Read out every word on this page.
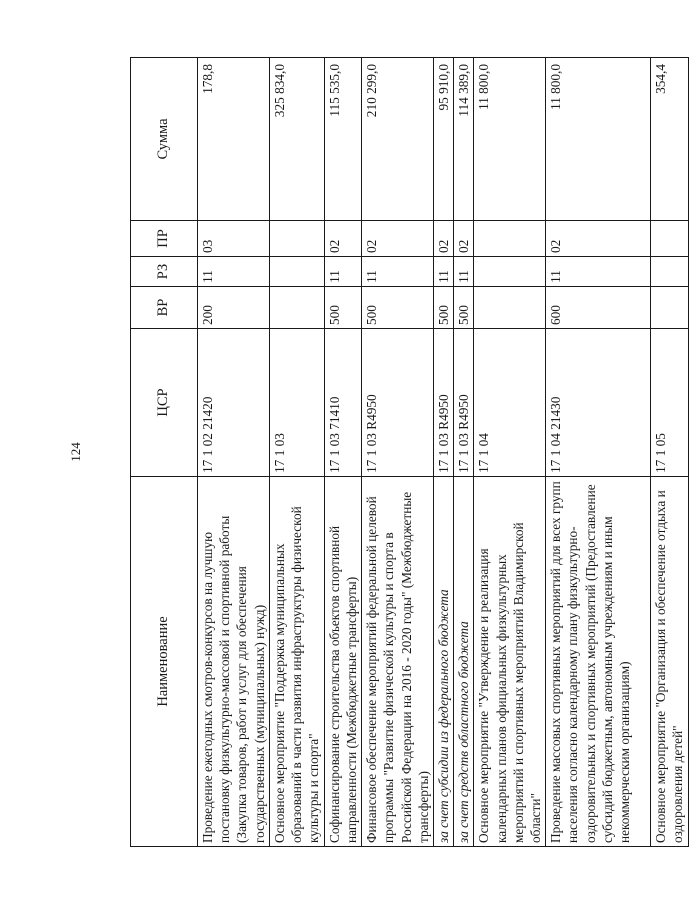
124
Наименование	ЦСР	ВР	РЗ	ПР	Сумма
Проведение ежегодных смотров-конкурсов на лучшую постановку физкультурно-массовой и спортивной работы (Закупка товаров, работ и услуг для обеспечения государственных (муниципальных) нужд)	17 1 02 21420	200	11	03	178,8
Основное мероприятие "Поддержка муниципальных образований в части развития инфраструктуры физической культуры и спорта"	17 1 03				325 834,0
Софинансирование строительства объектов спортивной направленности (Межбюджетные трансферты)	17 1 03 71410	500	11	02	115 535,0
Финансовое обеспечение мероприятий федеральной целевой программы "Развитие физической культуры и спорта в Российской Федерации на 2016 - 2020 годы" (Межбюджетные трансферты)	17 1 03 R4950	500	11	02	210 299,0
за счет субсидии из федерального бюджета	17 1 03 R4950	500	11	02	95 910,0
за счет средств областного бюджета	17 1 03 R4950	500	11	02	114 389,0
Основное мероприятие "Утверждение и реализация календарных планов официальных физкультурных мероприятий и спортивных мероприятий Владимирской области"	17 1 04				11 800,0
Проведение массовых спортивных мероприятий для всех групп населения согласно календарному плану физкультурно-оздоровительных и спортивных мероприятий (Предоставление субсидий бюджетным, автономным учреждениям и иным некоммерческим организациям)	17 1 04 21430	600	11	02	11 800,0
Основное мероприятие "Организация и обеспечение отдыха и оздоровления детей"	17 1 05				354,4
